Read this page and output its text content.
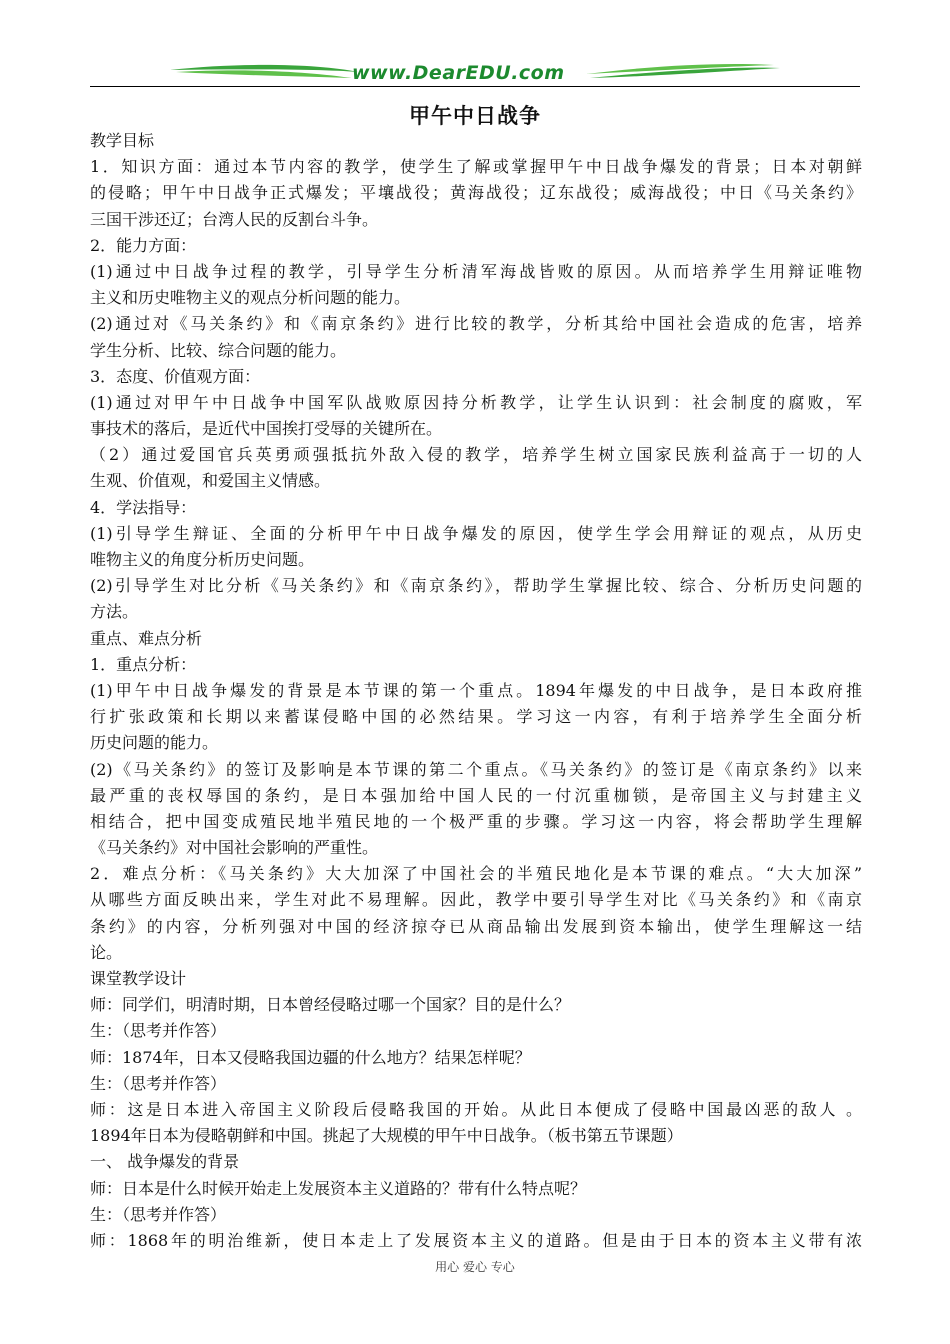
www.DearEDU.com
甲午中日战争
教学目标
1．知识方面：通过本节内容的教学，使学生了解或掌握甲午中日战争爆发的背景；日本对朝鲜
的侵略；甲午中日战争正式爆发；平壤战役；黄海战役；辽东战役；威海战役；中日《马关条约》
三国干涉还辽；台湾人民的反割台斗争。
2．能力方面：
(1)通过中日战争过程的教学，引导学生分析清军海战皆败的原因。从而培养学生用辩证唯物
主义和历史唯物主义的观点分析问题的能力。
(2)通过对《马关条约》和《南京条约》进行比较的教学，分析其给中国社会造成的危害，培养
学生分析、比较、综合问题的能力。
3．态度、价值观方面：
(1)通过对甲午中日战争中国军队战败原因持分析教学，让学生认识到：社会制度的腐败，军
事技术的落后，是近代中国挨打受辱的关键所在。
（2）通过爱国官兵英勇顽强抵抗外敌入侵的教学，培养学生树立国家民族利益高于一切的人
生观、价值观，和爱国主义情感。
4．学法指导：
(1)引导学生辩证、全面的分析甲午中日战争爆发的原因，使学生学会用辩证的观点，从历史
唯物主义的角度分析历史问题。
(2)引导学生对比分析《马关条约》和《南京条约》，帮助学生掌握比较、综合、分析历史问题的
方法。
重点、难点分析
1．重点分析：
(1)甲午中日战争爆发的背景是本节课的第一个重点。1894年爆发的中日战争，是日本政府推
行扩张政策和长期以来蓄谋侵略中国的必然结果。学习这一内容，有利于培养学生全面分析
历史问题的能力。
(2)《马关条约》的签订及影响是本节课的第二个重点。《马关条约》的签订是《南京条约》以来
最严重的丧权辱国的条约，是日本强加给中国人民的一付沉重枷锁，是帝国主义与封建主义
相结合，把中国变成殖民地半殖民地的一个极严重的步骤。学习这一内容，将会帮助学生理解
《马关条约》对中国社会影响的严重性。
2．难点分析：《马关条约》大大加深了中国社会的半殖民地化是本节课的难点。“大大加深”
从哪些方面反映出来，学生对此不易理解。因此，教学中要引导学生对比《马关条约》和《南京
条约》的内容，分析列强对中国的经济掠夺已从商品输出发展到资本输出，使学生理解这一结
论。
课堂教学设计
师：同学们，明清时期，日本曾经侵略过哪一个国家？目的是什么？
生：（思考并作答）
师：1874年，日本又侵略我国边疆的什么地方？结果怎样呢？
生：（思考并作答）
师：这是日本进入帝国主义阶段后侵略我国的开始。从此日本便成了侵略中国最凶恶的敌人 。
1894年日本为侵略朝鲜和中国。挑起了大规模的甲午中日战争。（板书第五节课题）
一、 战争爆发的背景
师：日本是什么时候开始走上发展资本主义道路的？带有什么特点呢？
生：（思考并作答）
师：1868年的明治维新，使日本走上了发展资本主义的道路。但是由于日本的资本主义带有浓
用心 爱心 专心
